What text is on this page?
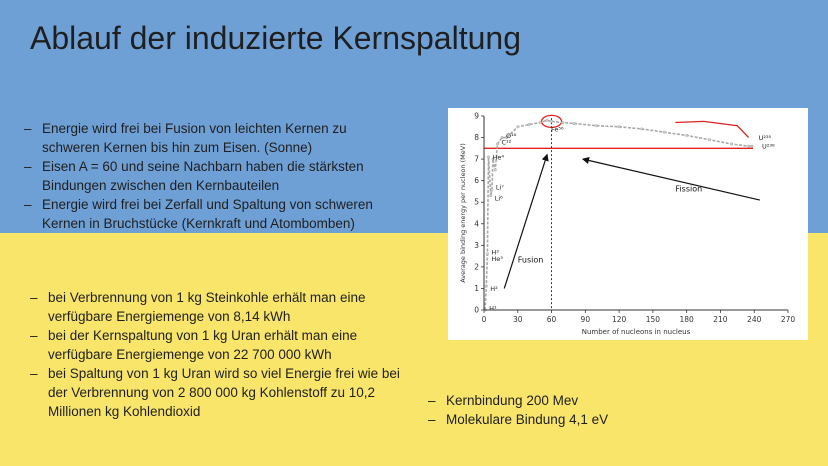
Ablauf der induzierte Kernspaltung
– Energie wird frei bei Fusion von leichten Kernen zu schweren Kernen bis hin zum Eisen. (Sonne)
– Eisen A = 60 und seine Nachbarn haben die stärksten Bindungen zwischen den Kernbauteilen
– Energie wird frei bei Zerfall und Spaltung von schweren Kernen in Bruchstücke (Kernkraft und Atombomben)
– bei Verbrennung von 1 kg Steinkohle erhält man eine verfügbare Energiemenge von 8,14 kWh
– bei der Kernspaltung von 1 kg Uran erhält man eine verfügbare Energiemenge von 22 700 000 kWh
– bei Spaltung von 1 kg Uran wird so viel Energie frei wie bei der Verbrennung von 2 800 000 kg Kohlenstoff zu 10,2 Millionen kg Kohlendioxid
– Kernbindung 200 Mev
– Molekulare Bindung 4,1 eV
0	30	60	90	120	150	180	210	240	270
0
1
2
3
4
5
6
7
8
9
H¹
H²
H³
He³
Li⁶
Li⁷
He⁴
C¹²
O¹⁶
Fe⁵⁶
U²³⁵
U²³⁸
Fusion
Fission
Number of nucleons in nucleus
Average binding energy per nucleon (MeV)
